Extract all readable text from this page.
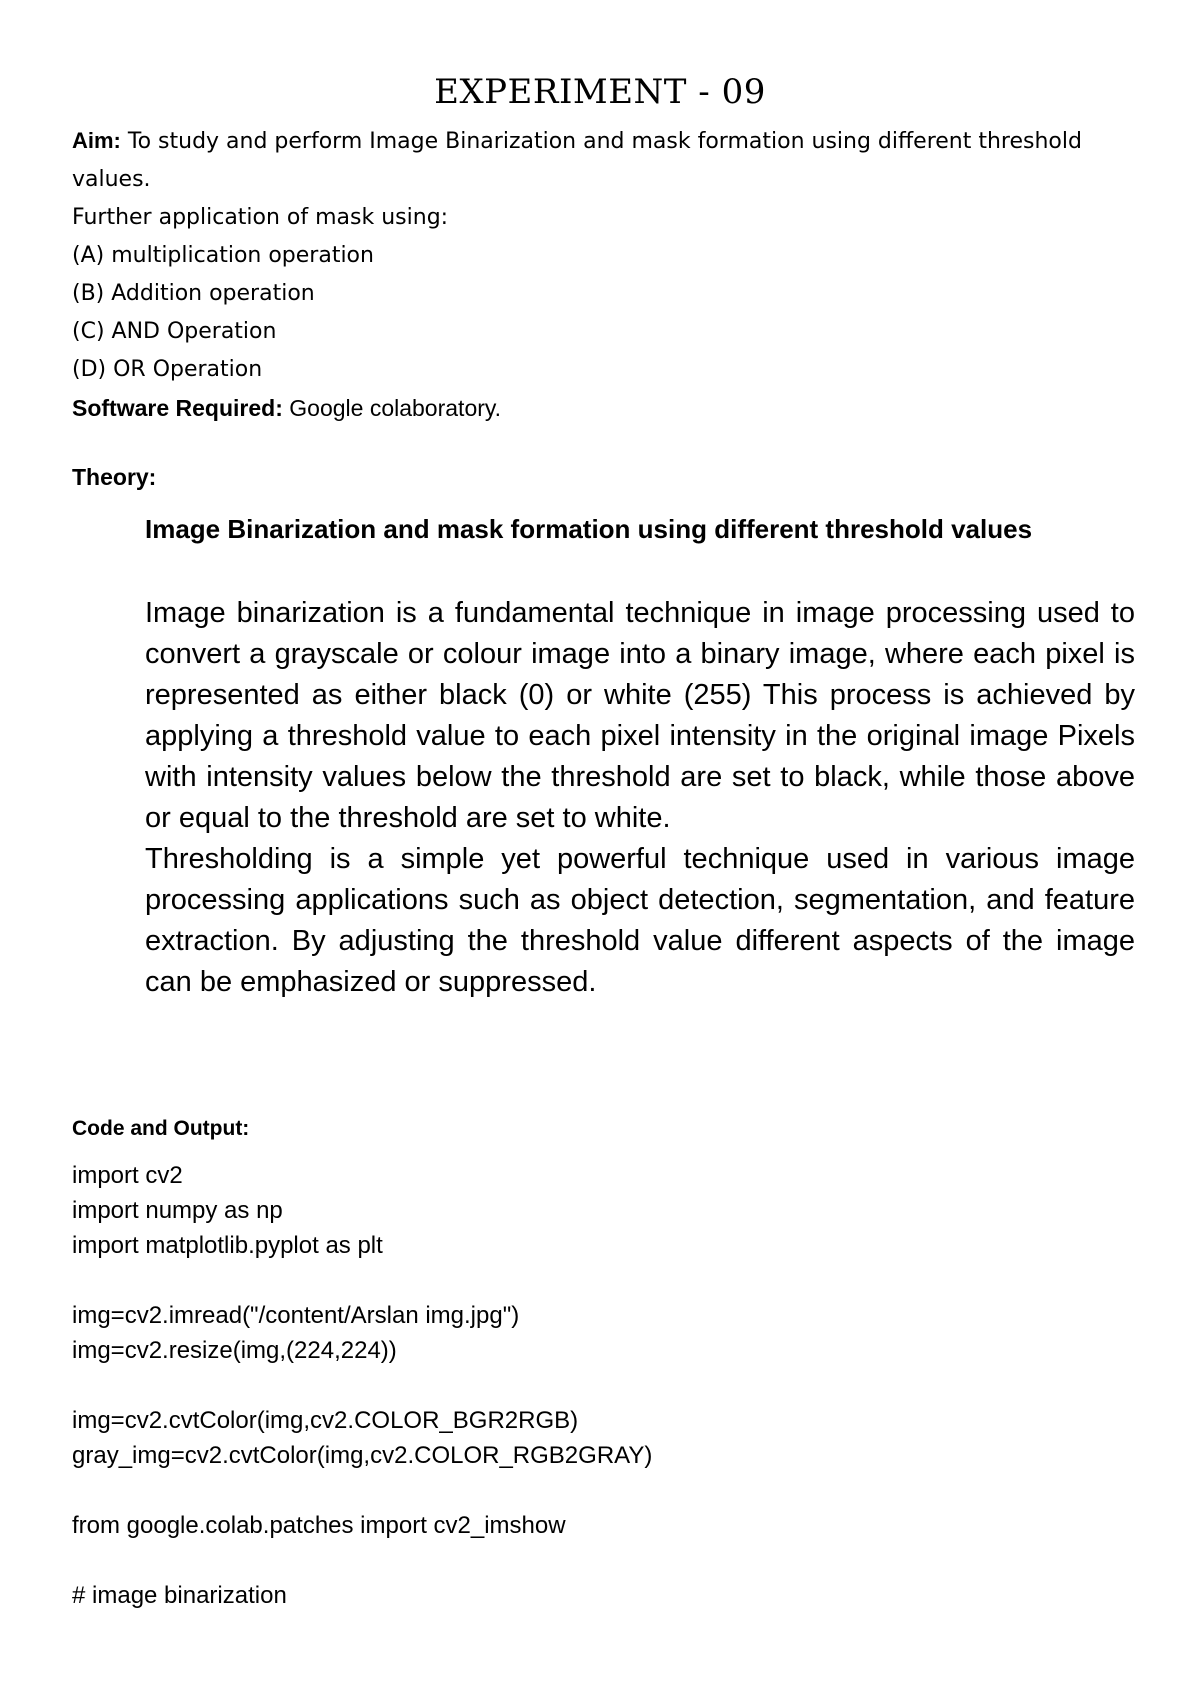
EXPERIMENT - 09
Aim: To study and perform Image Binarization and mask formation using different threshold
values.
Further application of mask using:
(A) multiplication operation
(B) Addition operation
(C) AND Operation
(D) OR Operation
Software Required: Google colaboratory.
Theory:
Image Binarization and mask formation using different threshold values

Image binarization is a fundamental technique in image processing used to convert a grayscale or colour image into a binary image, where each pixel is represented as either black (0) or white (255) This process is achieved by applying a threshold value to each pixel intensity in the original image Pixels with intensity values below the threshold are set to black, while those above or equal to the threshold are set to white.

Thresholding is a simple yet powerful technique used in various image processing applications such as object detection, segmentation, and feature extraction. By adjusting the threshold value different aspects of the image can be emphasized or suppressed.

Code and Output:
import cv2
import numpy as np
import matplotlib.pyplot as plt
img=cv2.imread("/content/Arslan img.jpg")
img=cv2.resize(img,(224,224))
img=cv2.cvtColor(img,cv2.COLOR_BGR2RGB)
gray_img=cv2.cvtColor(img,cv2.COLOR_RGB2GRAY)
from google.colab.patches import cv2_imshow
# image binarization
